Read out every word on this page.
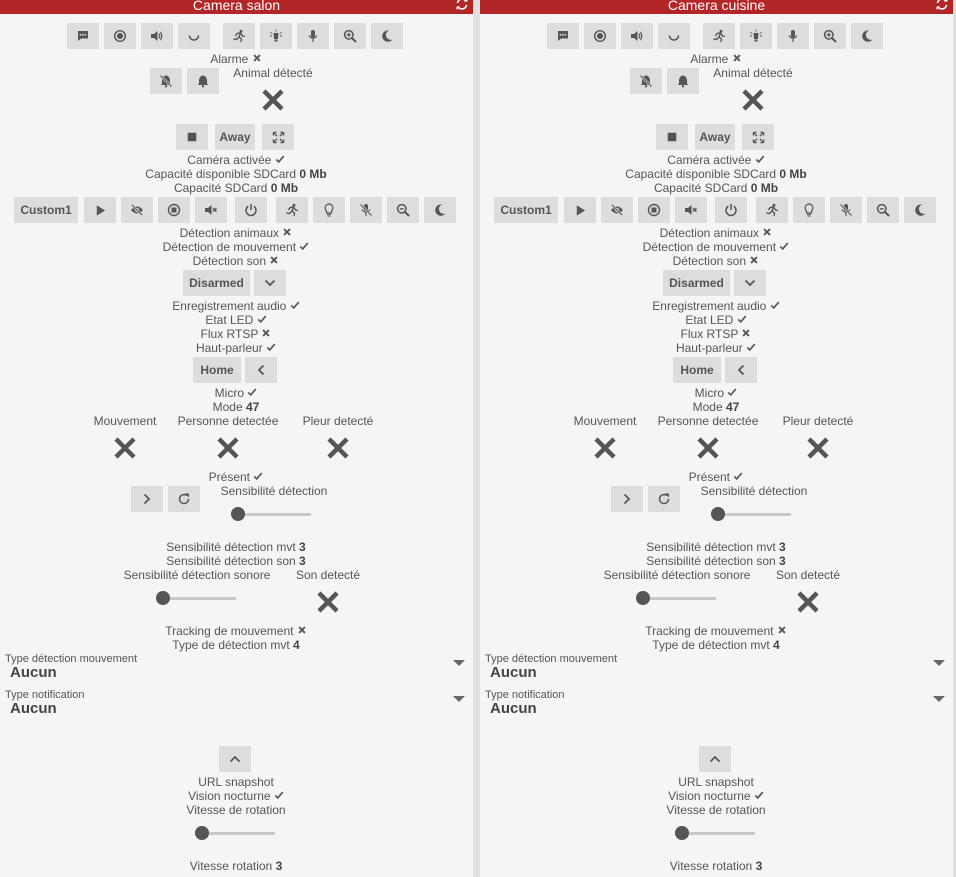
Camera salon
Alarme
Animal détecté
Away
Caméra activée
Capacité disponible SDCard 0 Mb
Capacité SDCard 0 Mb
Custom1
Détection animaux
Détection de mouvement
Détection son
Disarmed
Enregistrement audio
Etat LED
Flux RTSP
Haut-parleur
Home
Micro
Mode 47
Mouvement	Personne detectée	Pleur detecté
Présent
Sensibilité détection
Sensibilité détection mvt 3
Sensibilité détection son 3
Sensibilité détection sonore	Son detecté
Tracking de mouvement
Type de détection mvt 4
Type détection mouvement
Aucun
Type notification
Aucun
URL snapshot
Vision nocturne
Vitesse de rotation
Vitesse rotation 3
Camera cuisine
Alarme
Animal détecté
Away
Caméra activée
Capacité disponible SDCard 0 Mb
Capacité SDCard 0 Mb
Custom1
Détection animaux
Détection de mouvement
Détection son
Disarmed
Enregistrement audio
Etat LED
Flux RTSP
Haut-parleur
Home
Micro
Mode 47
Mouvement	Personne detectée	Pleur detecté
Présent
Sensibilité détection
Sensibilité détection mvt 3
Sensibilité détection son 3
Sensibilité détection sonore	Son detecté
Tracking de mouvement
Type de détection mvt 4
Type détection mouvement
Aucun
Type notification
Aucun
URL snapshot
Vision nocturne
Vitesse de rotation
Vitesse rotation 3
